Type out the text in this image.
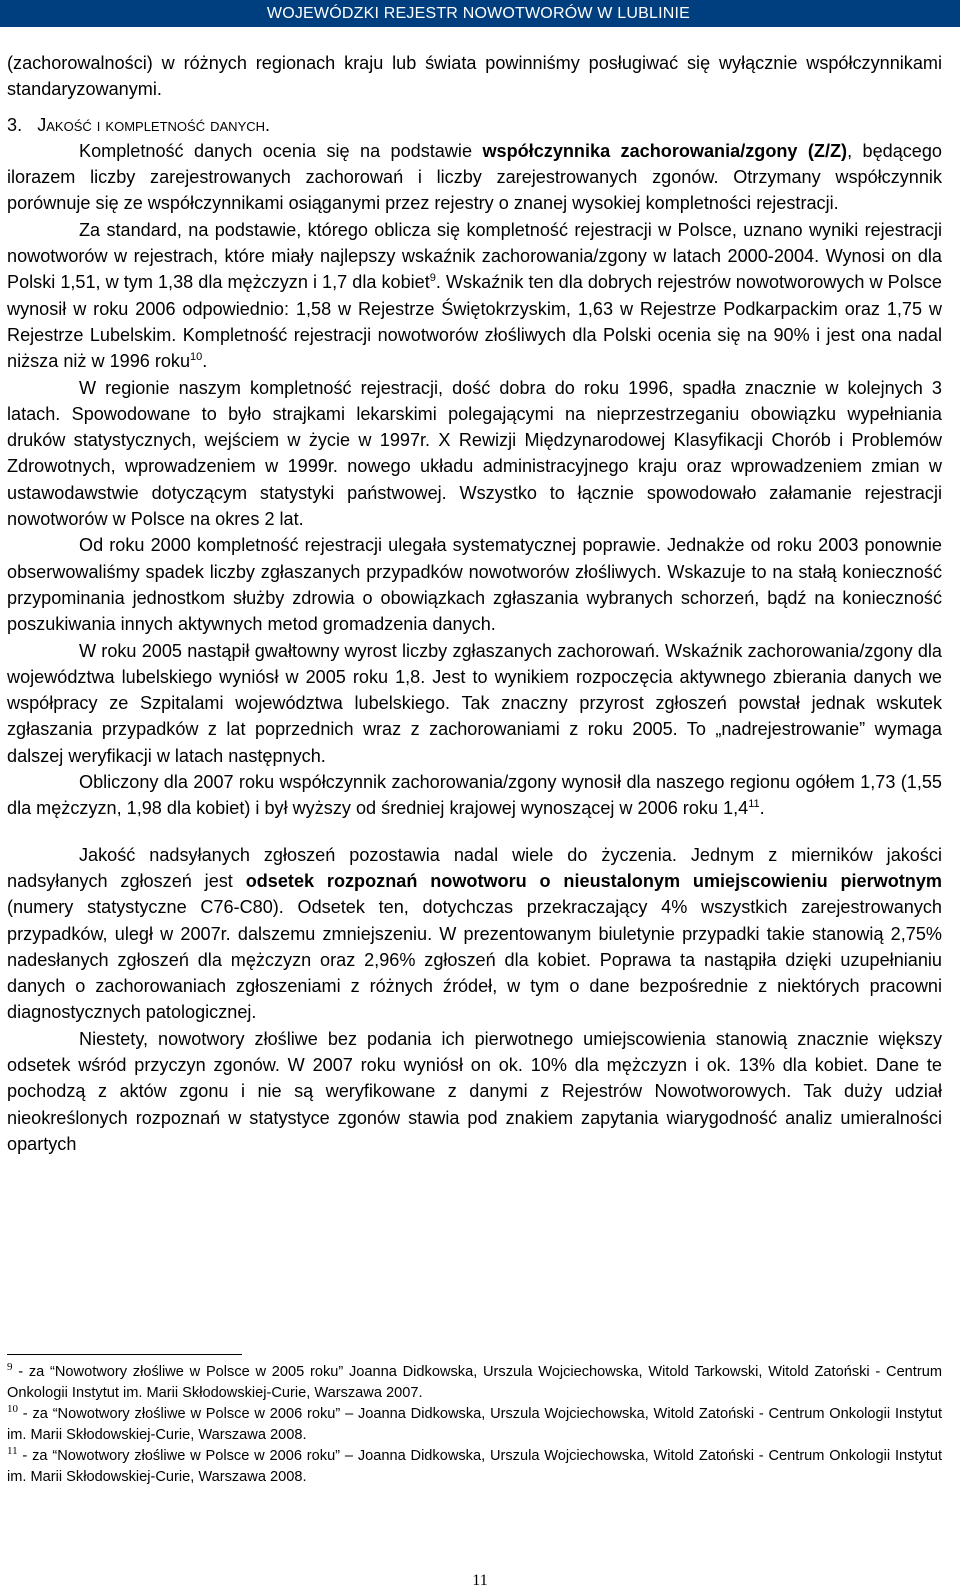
WOJEWÓDZKI REJESTR NOWOTWORÓW W LUBLINIE

(zachorowalności) w różnych regionach kraju lub świata powinniśmy posługiwać się wyłącznie współczynnikami standaryzowanymi.

3. Jakość i kompletność danych.

Kompletność danych ocenia się na podstawie współczynnika zachorowania/zgony (Z/Z), będącego ilorazem liczby zarejestrowanych zachorowań i liczby zarejestrowanych zgonów. Otrzymany współczynnik porównuje się ze współczynnikami osiąganymi przez rejestry o znanej wysokiej kompletności rejestracji.

Za standard, na podstawie, którego oblicza się kompletność rejestracji w Polsce, uznano wyniki rejestracji nowotworów w rejestrach, które miały najlepszy wskaźnik zachorowania/zgony w latach 2000-2004. Wynosi on dla Polski 1,51, w tym 1,38 dla mężczyzn i 1,7 dla kobiet$^9$. Wskaźnik ten dla dobrych rejestrów nowotworowych w Polsce wynosił w roku 2006 odpowiednio: 1,58 w Rejestrze Świętokrzyskim, 1,63 w Rejestrze Podkarpackim oraz 1,75 w Rejestrze Lubelskim. Kompletność rejestracji nowotworów złośliwych dla Polski ocenia się na 90% i jest ona nadal niższa niż w 1996 roku$^{10}$.

W regionie naszym kompletność rejestracji, dość dobra do roku 1996, spadła znacznie w kolejnych 3 latach. Spowodowane to było strajkami lekarskimi polegającymi na nieprzestrzeganiu obowiązku wypełniania druków statystycznych, wejściem w życie w 1997r. X Rewizji Międzynarodowej Klasyfikacji Chorób i Problemów Zdrowotnych, wprowadzeniem w 1999r. nowego układu administracyjnego kraju oraz wprowadzeniem zmian w ustawodawstwie dotyczącym statystyki państwowej. Wszystko to łącznie spowodowało załamanie rejestracji nowotworów w Polsce na okres 2 lat.

Od roku 2000 kompletność rejestracji ulegała systematycznej poprawie. Jednakże od roku 2003 ponownie obserwowaliśmy spadek liczby zgłaszanych przypadków nowotworów złośliwych. Wskazuje to na stałą konieczność przypominania jednostkom służby zdrowia o obowiązkach zgłaszania wybranych schorzeń, bądź na konieczność poszukiwania innych aktywnych metod gromadzenia danych.

W roku 2005 nastąpił gwałtowny wyrost liczby zgłaszanych zachorowań. Wskaźnik zachorowania/zgony dla województwa lubelskiego wyniósł w 2005 roku 1,8. Jest to wynikiem rozpoczęcia aktywnego zbierania danych we współpracy ze Szpitalami województwa lubelskiego. Tak znaczny przyrost zgłoszeń powstał jednak wskutek zgłaszania przypadków z lat poprzednich wraz z zachorowaniami z roku 2005. To „nadrejestrowanie” wymaga dalszej weryfikacji w latach następnych.

Obliczony dla 2007 roku współczynnik zachorowania/zgony wynosił dla naszego regionu ogółem 1,73 (1,55 dla mężczyzn, 1,98 dla kobiet) i był wyższy od średniej krajowej wynoszącej w 2006 roku $1,4^{11}$.

Jakość nadsyłanych zgłoszeń pozostawia nadal wiele do życzenia. Jednym z mierników jakości nadsyłanych zgłoszeń jest odsetek rozpoznań nowotworu o nieustalonym umiejscowieniu pierwotnym (numery statystyczne C76-C80). Odsetek ten, dotychczas przekraczający 4% wszystkich zarejestrowanych przypadków, uległ w 2007r. dalszemu zmniejszeniu. W prezentowanym biuletynie przypadki takie stanowią 2,75% nadesłanych zgłoszeń dla mężczyzn oraz 2,96% zgłoszeń dla kobiet. Poprawa ta nastąpiła dzięki uzupełnianiu danych o zachorowaniach zgłoszeniami z różnych źródeł, w tym o dane bezpośrednie z niektórych pracowni diagnostycznych patologicznej.

Niestety, nowotwory złośliwe bez podania ich pierwotnego umiejscowienia stanowią znacznie większy odsetek wśród przyczyn zgonów. W 2007 roku wyniósł on ok. 10% dla mężczyzn i ok. 13% dla kobiet. Dane te pochodzą z aktów zgonu i nie są weryfikowane z danymi z Rejestrów Nowotworowych. Tak duży udział nieokreślonych rozpoznań w statystyce zgonów stawia pod znakiem zapytania wiarygodność analiz umieralności opartych

$^9$ - za “Nowotwory złośliwe w Polsce w 2005 roku” Joanna Didkowska, Urszula Wojciechowska, Witold Tarkowski, Witold Zatoński - Centrum Onkologii Instytut im. Marii Skłodowskiej-Curie, Warszawa 2007.

$^{10}$ - za “Nowotwory złośliwe w Polsce w 2006 roku” – Joanna Didkowska, Urszula Wojciechowska, Witold Zatoński - Centrum Onkologii Instytut im. Marii Skłodowskiej-Curie, Warszawa 2008.

$^{11}$ - za “Nowotwory złośliwe w Polsce w 2006 roku” – Joanna Didkowska, Urszula Wojciechowska, Witold Zatoński - Centrum Onkologii Instytut im. Marii Skłodowskiej-Curie, Warszawa 2008.

11
